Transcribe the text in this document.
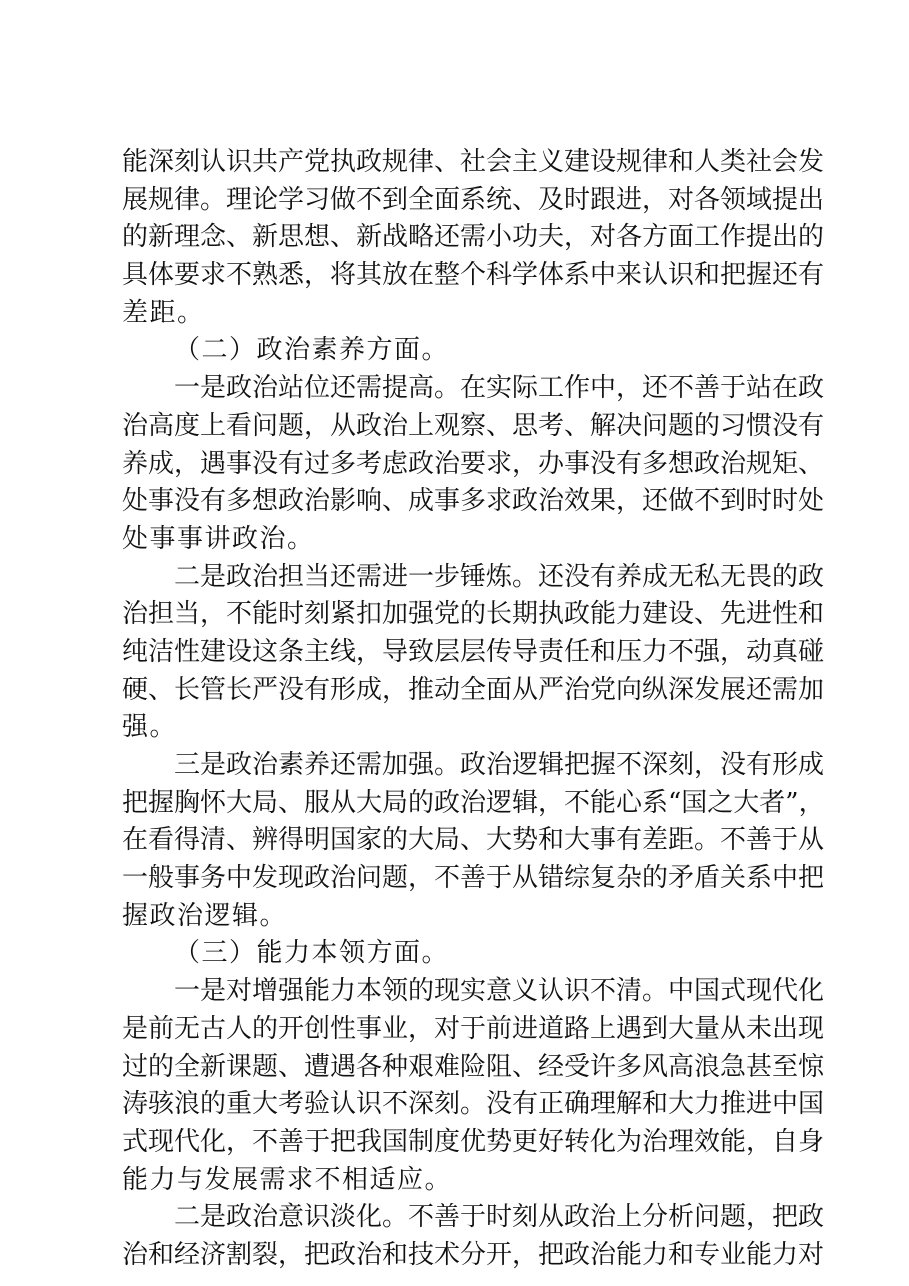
能深刻认识共产党执政规律、社会主义建设规律和人类社会发
展规律。理论学习做不到全面系统、及时跟进，对各领域提出
的新理念、新思想、新战略还需小功夫，对各方面工作提出的
具体要求不熟悉，将其放在整个科学体系中来认识和把握还有
差距。
（二）政治素养方面。
一是政治站位还需提高。在实际工作中，还不善于站在政
治高度上看问题，从政治上观察、思考、解决问题的习惯没有
养成，遇事没有过多考虑政治要求，办事没有多想政治规矩、
处事没有多想政治影响、成事多求政治效果，还做不到时时处
处事事讲政治。
二是政治担当还需进一步锤炼。还没有养成无私无畏的政
治担当，不能时刻紧扣加强党的长期执政能力建设、先进性和
纯洁性建设这条主线，导致层层传导责任和压力不强，动真碰
硬、长管长严没有形成，推动全面从严治党向纵深发展还需加
强。
三是政治素养还需加强。政治逻辑把握不深刻，没有形成
把握胸怀大局、服从大局的政治逻辑，不能心系“国之大者”，
在看得清、辨得明国家的大局、大势和大事有差距。不善于从
一般事务中发现政治问题，不善于从错综复杂的矛盾关系中把
握政治逻辑。
（三）能力本领方面。
一是对增强能力本领的现实意义认识不清。中国式现代化
是前无古人的开创性事业，对于前进道路上遇到大量从未出现
过的全新课题、遭遇各种艰难险阻、经受许多风高浪急甚至惊
涛骇浪的重大考验认识不深刻。没有正确理解和大力推进中国
式现代化，不善于把我国制度优势更好转化为治理效能，自身
能力与发展需求不相适应。
二是政治意识淡化。不善于时刻从政治上分析问题，把政
治和经济割裂，把政治和技术分开，把政治能力和专业能力对
